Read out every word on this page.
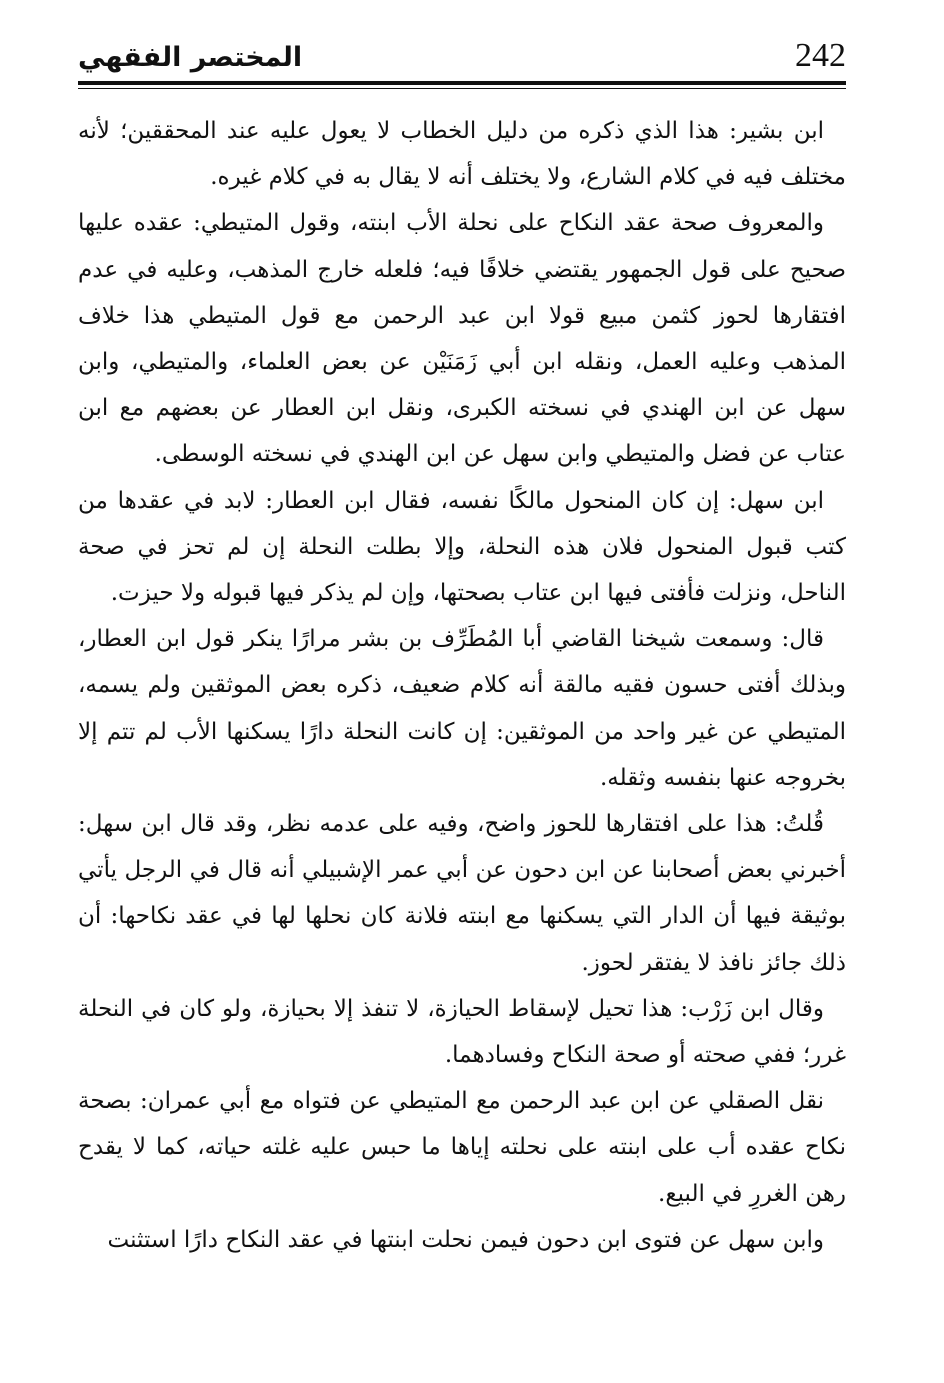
242
المختصر الفقهي

ابن بشير: هذا الذي ذكره من دليل الخطاب لا يعول عليه عند المحققين؛ لأنه مختلف فيه في كلام الشارع، ولا يختلف أنه لا يقال به في كلام غيره.

والمعروف صحة عقد النكاح على نحلة الأب ابنته، وقول المتيطي: عقده عليها صحيح على قول الجمهور يقتضي خلافًا فيه؛ فلعله خارج المذهب، وعليه في عدم افتقارها لحوز كثمن مبيع قولا ابن عبد الرحمن مع قول المتيطي هذا خلاف المذهب وعليه العمل، ونقله ابن أبي زَمَنَيْن عن بعض العلماء، والمتيطي، وابن سهل عن ابن الهندي في نسخته الكبرى، ونقل ابن العطار عن بعضهم مع ابن عتاب عن فضل والمتيطي وابن سهل عن ابن الهندي في نسخته الوسطى.

ابن سهل: إن كان المنحول مالكًا نفسه، فقال ابن العطار: لابد في عقدها من كتب قبول المنحول فلان هذه النحلة، وإلا بطلت النحلة إن لم تحز في صحة الناحل، ونزلت فأفتى فيها ابن عتاب بصحتها، وإن لم يذكر فيها قبوله ولا حيزت.

قال: وسمعت شيخنا القاضي أبا المُطَرِّف بن بشر مرارًا ينكر قول ابن العطار، وبذلك أفتى حسون فقيه مالقة أنه كلام ضعيف، ذكره بعض الموثقين ولم يسمه، المتيطي عن غير واحد من الموثقين: إن كانت النحلة دارًا يسكنها الأب لم تتم إلا بخروجه عنها بنفسه وثقله.

قُلتُ: هذا على افتقارها للحوز واضح، وفيه على عدمه نظر، وقد قال ابن سهل: أخبرني بعض أصحابنا عن ابن دحون عن أبي عمر الإشبيلي أنه قال في الرجل يأتي بوثيقة فيها أن الدار التي يسكنها مع ابنته فلانة كان نحلها لها في عقد نكاحها: أن ذلك جائز نافذ لا يفتقر لحوز.

وقال ابن زَرْب: هذا تحيل لإسقاط الحيازة، لا تنفذ إلا بحيازة، ولو كان في النحلة غرر؛ ففي صحته أو صحة النكاح وفسادهما.

نقل الصقلي عن ابن عبد الرحمن مع المتيطي عن فتواه مع أبي عمران: بصحة نكاح عقده أب على ابنته على نحلته إياها ما حبس عليه غلته حياته، كما لا يقدح رهن الغررِ في البيع.

وابن سهل عن فتوى ابن دحون فيمن نحلت ابنتها في عقد النكاح دارًا استثنت
